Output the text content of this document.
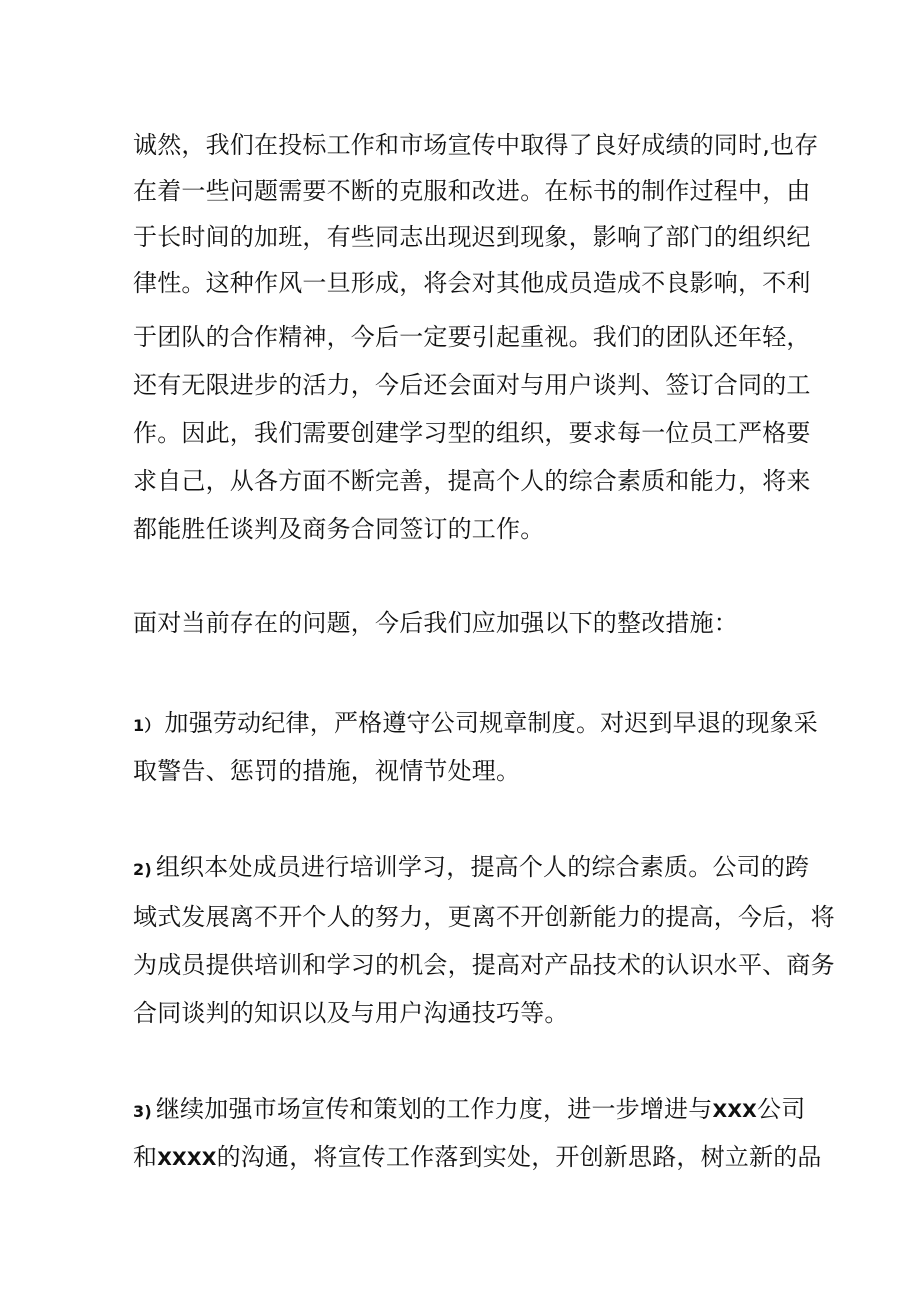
诚然，我们在投标工作和市场宣传中取得了良好成绩的同时,也存
在着一些问题需要不断的克服和改进。在标书的制作过程中，由
于长时间的加班，有些同志出现迟到现象，影响了部门的组织纪
律性。这种作风一旦形成，将会对其他成员造成不良影响，不利
于团队的合作精神，今后一定要引起重视。我们的团队还年轻，
还有无限进步的活力，今后还会面对与用户谈判、签订合同的工
作。因此，我们需要创建学习型的组织，要求每一位员工严格要
求自己，从各方面不断完善，提高个人的综合素质和能力，将来
都能胜任谈判及商务合同签订的工作。
面对当前存在的问题，今后我们应加强以下的整改措施：
1） 加强劳动纪律，严格遵守公司规章制度。对迟到早退的现象采
取警告、惩罚的措施，视情节处理。
2) 组织本处成员进行培训学习，提高个人的综合素质。公司的跨
域式发展离不开个人的努力，更离不开创新能力的提高，今后，将
为成员提供培训和学习的机会，提高对产品技术的认识水平、商务
合同谈判的知识以及与用户沟通技巧等。
3) 继续加强市场宣传和策划的工作力度，进一步增进与XXX公司
和XXXX的沟通，将宣传工作落到实处，开创新思路，树立新的品
